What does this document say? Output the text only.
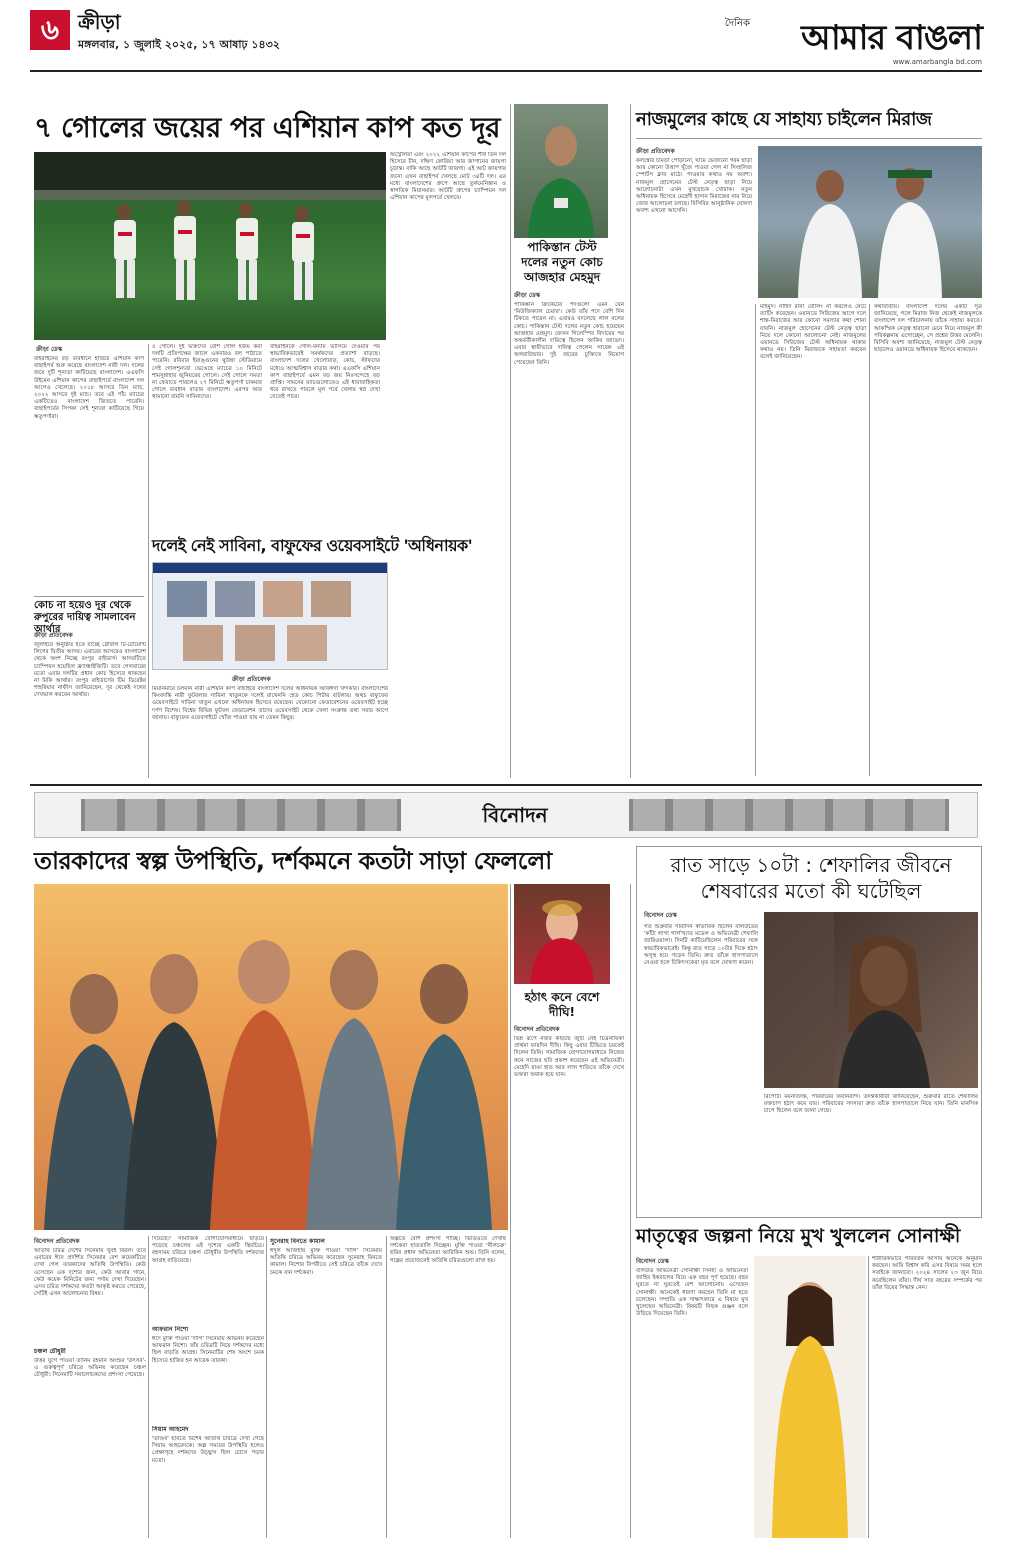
৬ ক্রীড়া
মঙ্গলবার, ১ জুলাই ২০২৫, ১৭ আষাঢ় ১৪৩২
দৈনিক আমার বাঙলা
www.amarbangla bd.com
৭ গোলের জয়ের পর এশিয়ান কাপ কত দূর
ক্রীড়া ডেস্ক
বাহরাইনের বড় ব্যবধানে হারিয়ে এশিয়ান কাপ বাছাইপর্ব শুরু করেছে বাংলাদেশ নারী দল। দলের জয়ে দুটি শূন্যতা কাটিয়েছে বাংলাদেশ। এএফসি উইমেন এশিয়ান কাপের বাছাইপর্বে বাংলাদেশ দল আগেও খেলেছে। ২০১৮ আসরে তিন ম্যাচ, ২০২২ আসরে দুই ম্যাচ। তবে এই পাঁচ ম্যাচের একটিতেও বাংলাদেশ জিততে পারেনি। বাছাইপর্বের সিপকা সেই শূন্যতা কাটিয়েছে গিয়ে ঋতুপর্ণারা।
৫ গোলে। দুই ভক্তদের বেশি গোল হজম করা দলটি প্রতিপক্ষের জালে একবারও বল পাঠাতে পারেনি। রবিবার ইয়াঙ্গুনের থুউন্না স্টেডিয়ামে সেই গোলশূন্যতা ভেঙেছে ম্যাচের ১০ মিনিটে শামসুন্নাহার জুনিয়রের গোলে। সেই গোলে সমতা না ফেরাতে পারলেও ২৭ মিনিটে ঋতুপর্ণা চাকমার গোলে ব্যবধান বাড়ায় বাংলাদেশ। এরপর আর থামানো যায়নি সাবিনাদের।
বাহরাইনকে গোল-বন্যায় ভাসিয়ে দেওয়ার পর স্বাভাবিকভাবেই সমর্থকদের প্রত্যাশা বাড়ছে। বাংলাদেশ দলের খেলোয়াড়, কোচ, স্টাফদের মধ্যেও আত্মবিশ্বাস বাড়ার কথা। এএফসি এশিয়ান কাপ বাছাইপর্বে এমন বড় জয় নিঃসন্দেহে বড় প্রাপ্তি। সামনের ম্যাচগুলোতেও এই ধারাবাহিকতা ধরে রাখতে পারলে মূল পর্বে খেলার স্বপ্ন দেখা যেতেই পারে।
অস্ট্রেলিয়া এবং ২০২২ এশিয়ান কাপের শীর্ষ তিন দল হিসেবে চীন, দক্ষিণ কোরিয়া আর জাপানের জায়গা চূড়ান্ত। বাকি আছে আটটি জায়গা। এই আট জায়গার জন্যে এখন বাছাইপর্ব খেলছে মোট ৩৪টি দল। এর মধ্যে বাংলাদেশের গ্রুপে আছে তুর্কমেনিস্তান ও স্বাগতিক মিয়ানমার। আটটি গ্রুপের চ্যাম্পিয়ন দল এশিয়ান কাপের মূলপর্বে খেলবে।
পাকিস্তান টেস্ট দলের নতুন কোচ আজহার মেহমুদ
ক্রীড়া ডেস্ক
পাকিস্তান ক্রিকেটের পদগুলো এমন যেন 'মিউজিক্যাল চেয়ার'। কেউ তাঁর পদে বেশি দিন টিকতে পারেন না। এবারও বদলেছে লাল বলের কোচ। পাকিস্তান টেস্ট দলের নতুন কোচ হয়েছেন আজহার মেহমুদ। জেসন গিলেস্পির বিদায়ের পর অন্তর্বর্তীকালীন দায়িত্বে ছিলেন আকিব জাভেদ। এবার স্থায়ীভাবে দায়িত্ব পেলেন সাবেক এই অলরাউন্ডার। দুই বছরের চুক্তিতে নিয়োগ পেয়েছেন তিনি।
কোচ না হয়েও দূর থেকে রুপুরের দায়িত্ব সামলাবেন আর্থার
ক্রীড়া প্রতিবেদক
জুলাইয়ে অনুষ্ঠিত হতে যাচ্ছে গ্লোবাল টি-টোয়েন্টি লিগের দ্বিতীয় আসর। এবারের আসরেও বাংলাদেশ থেকে অংশ নিচ্ছে রংপুর রাইডার্স। আসরটিতে চ্যাম্পিয়ন হয়েছিল ফ্র্যাঞ্চাইজিটি। তবে গেলবারের মতো এবার দলটির প্রধান কোচ হিসেবে থাকছেন না মিকি আর্থার। রংপুর রাইডার্সের টিম ডিরেক্টর শাহরিয়ার নাফীস জানিয়েছেন, দূর থেকেই দলের দেখভাল করবেন আর্থার।
দলেই নেই সাবিনা, বাফুফের ওয়েবসাইটে 'অধিনায়ক'
ক্রীড়া প্রতিবেদক
মিয়ানমারে চলমান নারী এশিয়ান কাপ বাছাইয়ে বাংলাদেশ দলের অধিনায়ক আফঈদা খন্দকার। বাংলাদেশের কিংবদন্তি নারী ফুটবলার সাবিনা খাতুনকে দলেই রাখেননি হেড কোচ পিটার বাটলার। অথচ বাফুফের ওয়েবসাইটে সাবিনা খাতুন এখনো অধিনায়ক হিসেবে রয়েছেন। যেকোনো ফেডারেশনের ওয়েবসাইট হচ্ছে দর্পণ বিশেষ। বিশ্বের বিভিন্ন ফুটবল ফেডারেশন তাদের ওয়েবসাইট থেকে খেলা সংক্রান্ত তথ্য সবার আগে জানায়। বাফুফের ওয়েবসাইটে খোঁজ পাওয়া যায় না তেমন কিছুর।
নাজমুলের কাছে যে সাহায্য চাইলেন মিরাজ
ক্রীড়া প্রতিবেদক
কলম্বোর চামড়া পোড়ানো, ঘামে ভেজানো গরম ছাড়া আর কোনো উত্তাপ খুঁজে পাওয়া গেল না সিংহলিজ স্পোর্টস ক্লাব মাঠে। পাওয়ার কথাও নয় অবশ্য। নাজমুল হোসেনের টেস্ট নেতৃত্ব ছাড়া নিয়ে আলোচনাটা এখন মুখরোচক খোরাক। নতুন অধিনায়ক হিসেবে মেহেদী হাসান মিরাজের নাম নিয়ে জোর আলোচনা চলছে। বিসিবির আনুষ্ঠানিক ঘোষণা অবশ্য এখনো আসেনি।
মাহমুদ। নাহিদ রানা বোলিং না করলেও নেটে ব্যাটিং করেছেন। ওয়ানডে সিরিজের আগে দলে শান্ত-মিরাজের আর কোনো সমস্যার কথা শোনা যায়নি। নাজমুল হোসেনের টেস্ট নেতৃত্ব ছাড়া নিয়ে দলে কোনো আলোচনা নেই। নাজমুলের ওয়ানডে সিরিজের টেস্ট অধিনায়ক থাকার কথাও নয়। তিনি মিরাজকে সহায়তা করবেন বলেই জানিয়েছেন।
কথাবার্তায়। বাংলাদেশ দলের একটি সূত্র জানিয়েছে, গলে মিরাজ নিজ থেকেই নাজমুলকে বাংলাদেশ দল পরিচালনায় তাঁকে সাহায্য করতে। আকস্মিক নেতৃত্ব হারানো মেনে নিয়ে নাজমুল কী পরিকল্পনায় এগোচ্ছেন, সে প্রশ্নের উত্তর মেলেনি। বিসিবি অবশ্য জানিয়েছে, নাজমুল টেস্ট নেতৃত্ব ছাড়লেও ওয়ানডে অধিনায়ক হিসেবে থাকছেন।
বিনোদন
তারকাদের স্বল্প উপস্থিতি, দর্শকমনে কতটা সাড়া ফেললো
বিনোদন প্রতিবেদক
অতিথি চরিত্র দেশের সিনেমায় খুবই বিরল। তবে এবারের ঈদে প্রদর্শিত সিনেমার বেশ কয়েকটিতে দেখা গেল তারকাদের অতিথি উপস্থিতি। কেউ এসেছেন এক দৃশ্যের জন্য, কেউ আবার গানে, কেউ কয়েক মিনিটের জন্য পর্দায় দেখা দিয়েছেন। এসব চরিত্র দর্শকদের কতটা আকৃষ্ট করতে পেরেছে, সেটিই এখন আলোচনার বিষয়।
চঞ্চল চৌধুরী
উত্তর যুগে পাওয়া তানিম রহমান অংশুর 'উৎসব'-এ গুরুত্বপূর্ণ চরিত্রে অভিনয় করেছেন চঞ্চল চৌধুরী। সিনেমাটি সমালোচকদের প্রশংসা পেয়েছে।
দিয়েছে।' সামাজিক যোগাযোগমাধ্যমে ছড়িয়ে পড়েছে চঞ্চলের এই দৃশ্যের একটি স্থিরচিত্র। রহস্যময় চরিত্রে চঞ্চল চৌধুরীর উপস্থিতি দর্শকদের আগ্রহ বাড়িয়েছে।
আফরান নিশো
ঈদে মুক্তি পাওয়া 'দাগি' সিনেমায় অভিনয় করেছেন আফরান নিশো। তাঁর চরিত্রটি নিয়ে দর্শকদের মধ্যে ছিল বাড়তি আগ্রহ। সিনেমাটির শেষ অংশে চমক হিসেবে হাজির হন আরেক তারকা।
সিয়াম আহমেদ
'তাণ্ডব' ছবিতে বিশেষ অতিথি চরিত্রে দেখা গেছে সিয়াম আহমেদকে। অল্প সময়ের উপস্থিতি হলেও প্রেক্ষাগৃহে দর্শকদের উচ্ছ্বাস ছিল চোখে পড়ার মতো।
সুনেরাহ বিনতে কামাল
ঈদুল আজহায় মুক্তি পাওয়া 'দাগি' সিনেমায় অতিথি চরিত্রে অভিনয় করেছেন সুনেরাহ বিনতে কামাল। নিশোর বিপরীতে সেই চরিত্রে তাঁকে দেখে চমকে যান দর্শকেরা।
অল্পতে বেশি প্রশংসা পাচ্ছি। ভিডিওতে দেখছি দর্শকেরা হাততালি দিচ্ছেন। মুক্তি পাওয়া 'নীলচক্র' ছবির প্রধান অভিনেতা আরিফিন শুভ। তিনি বলেন, গল্পের প্রয়োজনেই অতিথি চরিত্রগুলো রাখা হয়।
হঠাৎ কনে বেশে দীঘি!
বিনোদন প্রতিবেদক
ভিন্ন রূপে নজর কাড়ছে জুটি নেই চিত্রনায়িকা প্রার্থনা ফারদিন দীঘি। কিছু এবার টিভিতে চমকেই দিলেন তিনি। সামাজিক যোগাযোগমাধ্যমে নিজের কনে সাজের ছবি প্রকাশ করেছেন এই অভিনেত্রী। মেহেদি রাঙা হাত আর লাল শাড়িতে তাঁকে দেখে ভক্তরা অবাক হয়ে যান।
রাত সাড়ে ১০টা : শেফালির জীবনে শেষবারের মতো কী ঘটেছিল
বিনোদন ডেস্ক
গত শুক্রবার সারাদিন স্বাভাবিক ছিলেন বলিউডের 'কাঁটা লাগা গার্ল'খ্যাত মডেল ও অভিনেত্রী শেফালি জারিওয়ালা। দিনটি কাটিয়েছিলেন পরিবারের সঙ্গে স্বাভাবিকভাবেই। কিন্তু রাত সাড়ে ১০টার দিকে হঠাৎ অসুস্থ হয়ে পড়েন তিনি। দ্রুত তাঁকে হাসপাতালে নেওয়া হলে চিকিৎসকেরা মৃত বলে ঘোষণা করেন।
রিপোর্ট। ময়নাতদন্ত, পরিবারের জবানবন্দি। তদন্তকারীরা জানিয়েছেন, শুক্রবার রাতে শেফালির রক্তচাপ হঠাৎ কমে যায়। পরিবারের সদস্যরা দ্রুত তাঁকে হাসপাতালে নিয়ে যান। তিনি মানসিক চাপে ছিলেন বলে জানা গেছে।
মাতৃত্বের জল্পনা নিয়ে মুখ খুললেন সোনাক্ষী
বিনোদন ডেস্ক
বলিউড অভিনেত্রী সোনাক্ষী সিনহা ও অভিনেতা জাহির ইকবালের বিয়ে এক বছর পূর্ণ হয়েছে। বছর ঘুরতে না ঘুরতেই বেশ আলোচনায় এসেছেন সোনাক্ষী। অনেকেই ধারণা করছেন তিনি মা হতে চলেছেন। সম্প্রতি এক সাক্ষাৎকারে এ বিষয়ে মুখ খুলেছেন অভিনেত্রী। বিষয়টি নিছক গুঞ্জন বলে উড়িয়ে দিয়েছেন তিনি।
শারীরিকভাবে পরিবর্তন আসায় অনেকে অনুমান করছেন। আমি বিশ্বাস করি এসব বিষয়ে সময় হলে সবাইকে জানাবো। ২০২৪ সালের ২৩ জুন বিয়ে করেছিলেন তাঁরা। দীর্ঘ সাত বছরের সম্পর্কের পর তাঁরা বিয়ের সিদ্ধান্ত নেন।
